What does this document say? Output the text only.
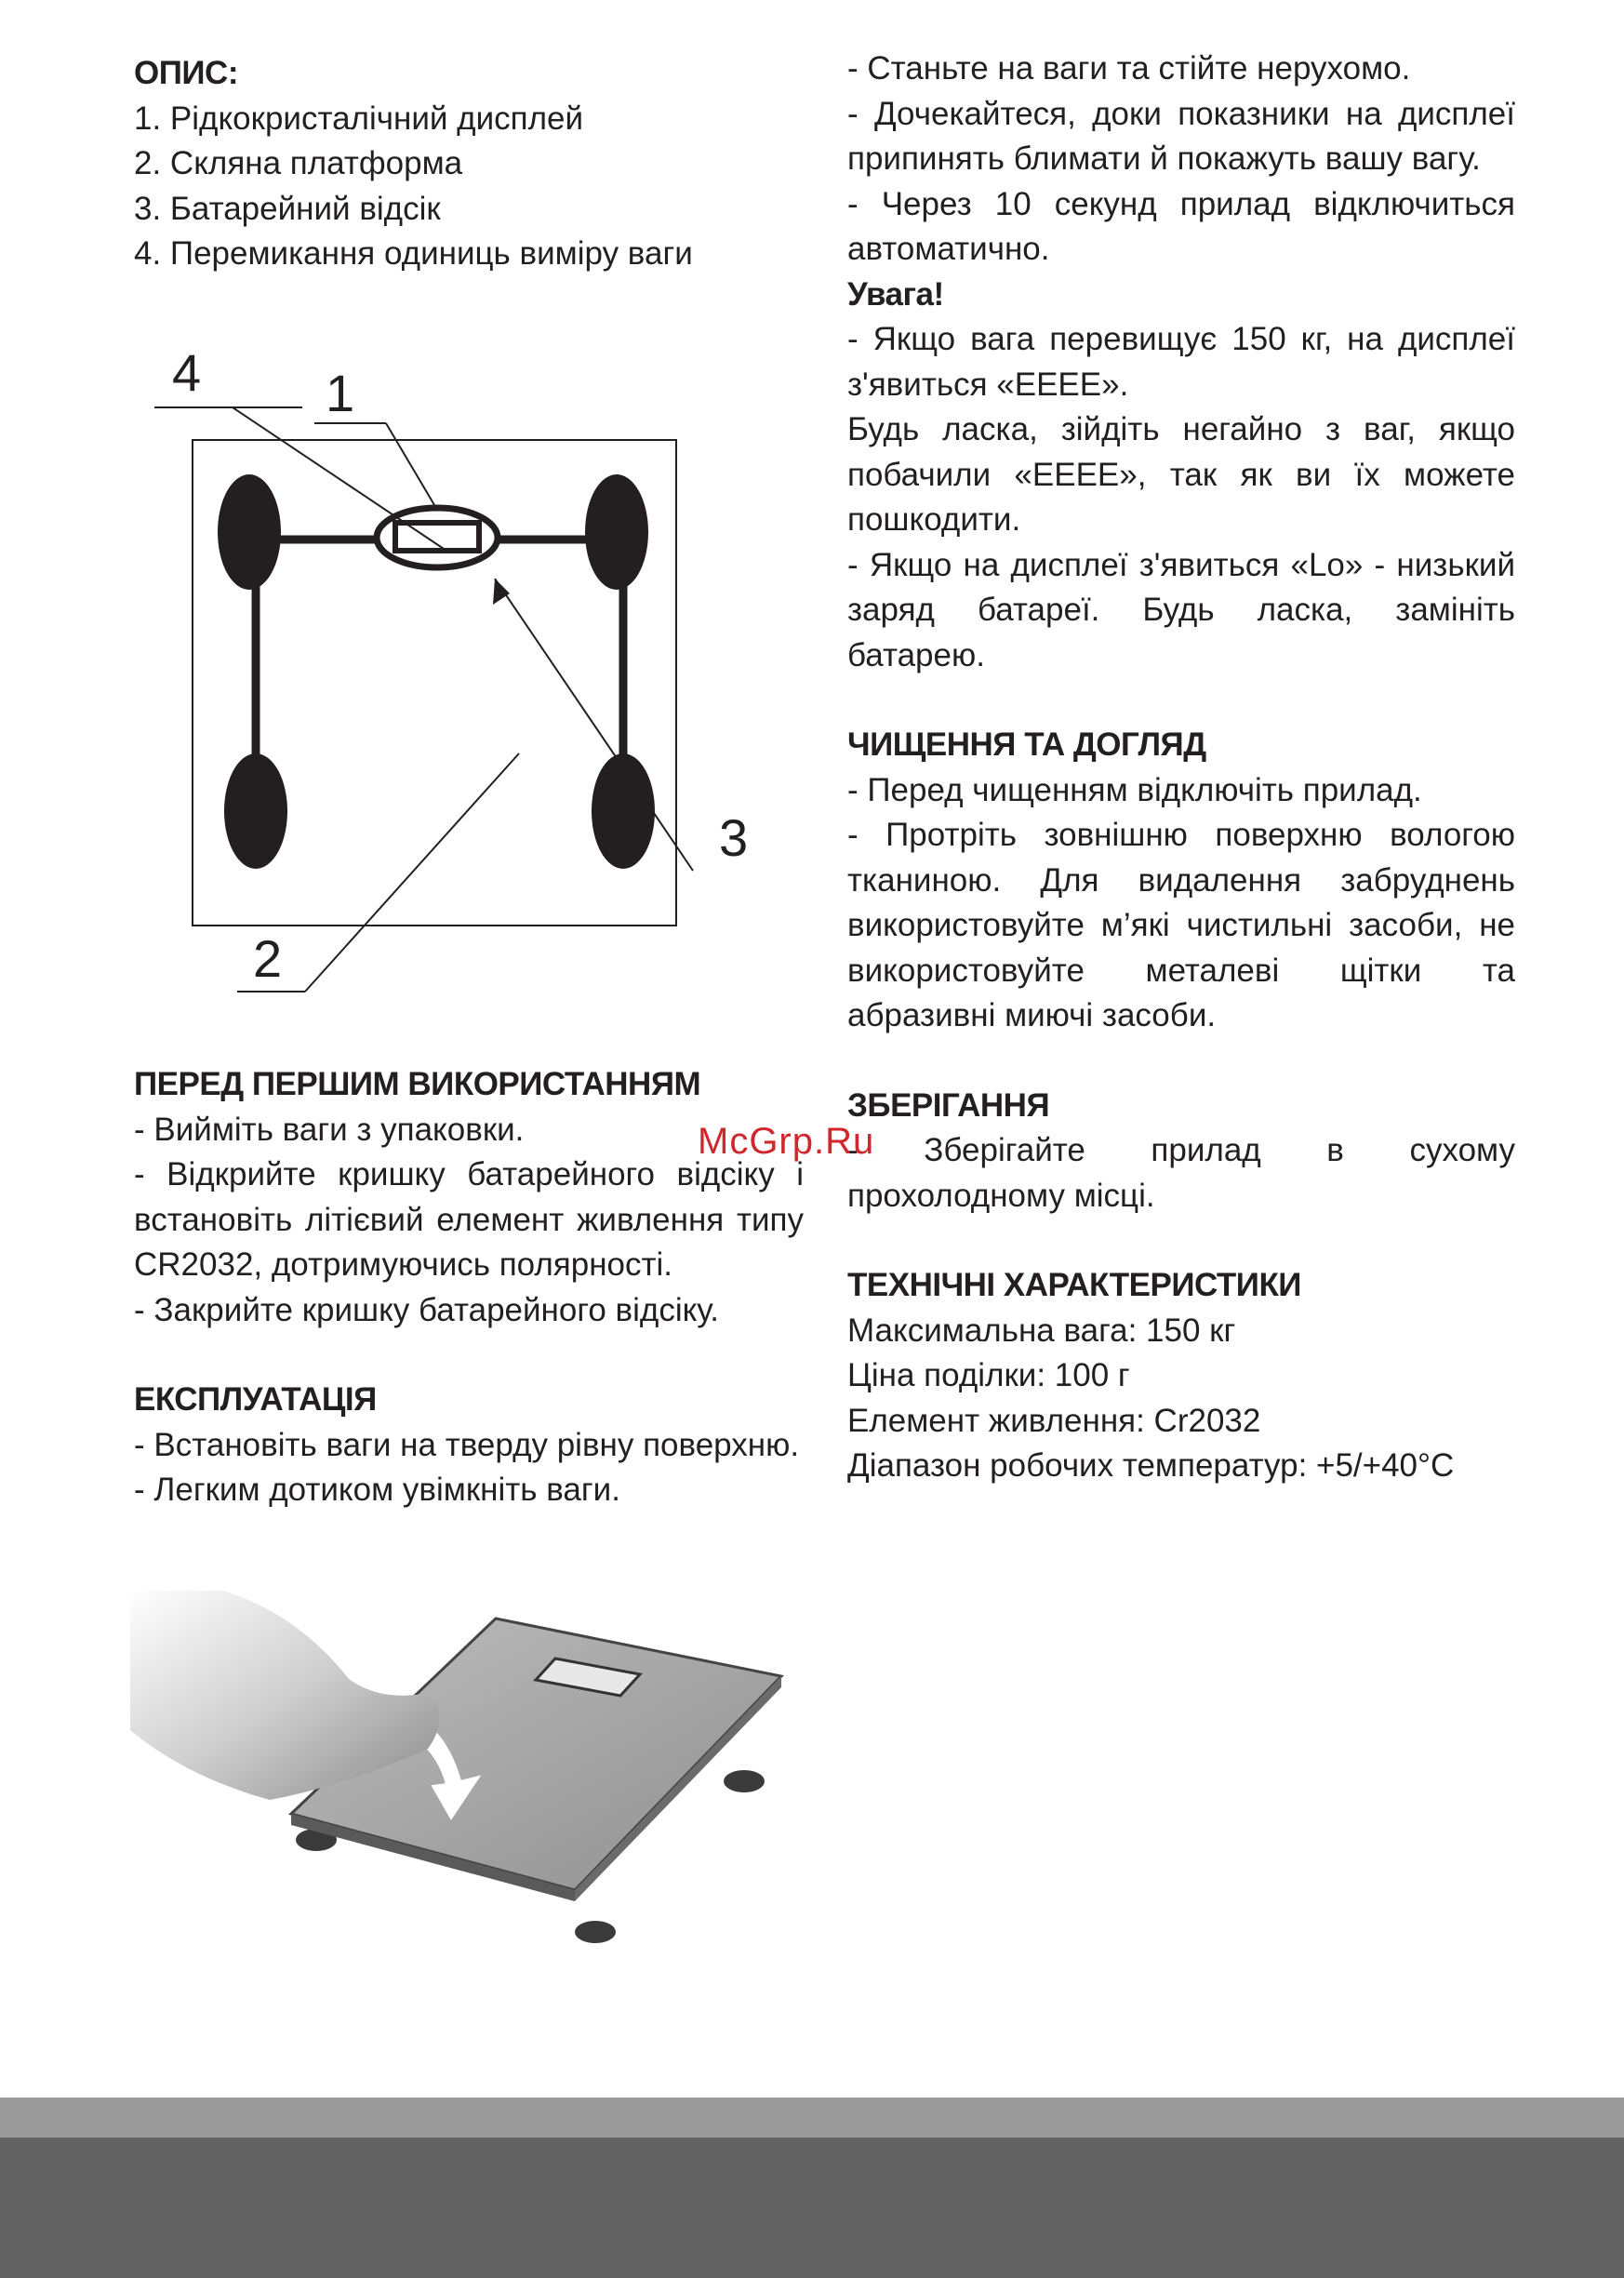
ОПИС:
1. Рідкокристалічний дисплей
2. Скляна платформа
3. Батарейний відсік
4. Перемикання одиниць виміру ваги
4 1
3
2
ПЕРЕД ПЕРШИМ ВИКОРИСТАННЯМ
- Вийміть ваги з упаковки.
- Відкрийте кришку батарейного відсіку і встановіть літієвий елемент живлення типу CR2032, дотримуючись полярності.
- Закрийте кришку батарейного відсіку.
ЕКСПЛУАТАЦІЯ
- Встановіть ваги на тверду рівну поверхню.
- Легким дотиком увімкніть ваги.
- Станьте на ваги та стійте нерухомо.
- Дочекайтеся, доки показники на дисплеї припинять блимати й покажуть вашу вагу.
- Через 10 секунд прилад відключиться автоматично.
Увага!
- Якщо вага перевищує 150 кг, на дисплеї з'явиться «ЕЕЕЕ».
Будь ласка, зійдіть негайно з ваг, якщо побачили «ЕЕЕЕ», так як ви їх можете пошкодити.
- Якщо на дисплеї з'явиться «Lo» - низький заряд батареї. Будь ласка, замініть батарею.
ЧИЩЕННЯ ТА ДОГЛЯД
- Перед чищенням відключіть прилад.
- Протріть зовнішню поверхню вологою тканиною. Для видалення забруднень використовуйте м’які чистильні засоби, не використовуйте металеві щітки та абразивні миючі засоби.
ЗБЕРІГАННЯ
- Зберігайте прилад в сухому прохолодному місці.
ТЕХНІЧНІ ХАРАКТЕРИСТИКИ
Максимальна вага: 150 кг
Ціна поділки: 100 г
Елемент живлення: Cr2032
Діапазон робочих температур: +5/+40°С
McGrp.Ru
